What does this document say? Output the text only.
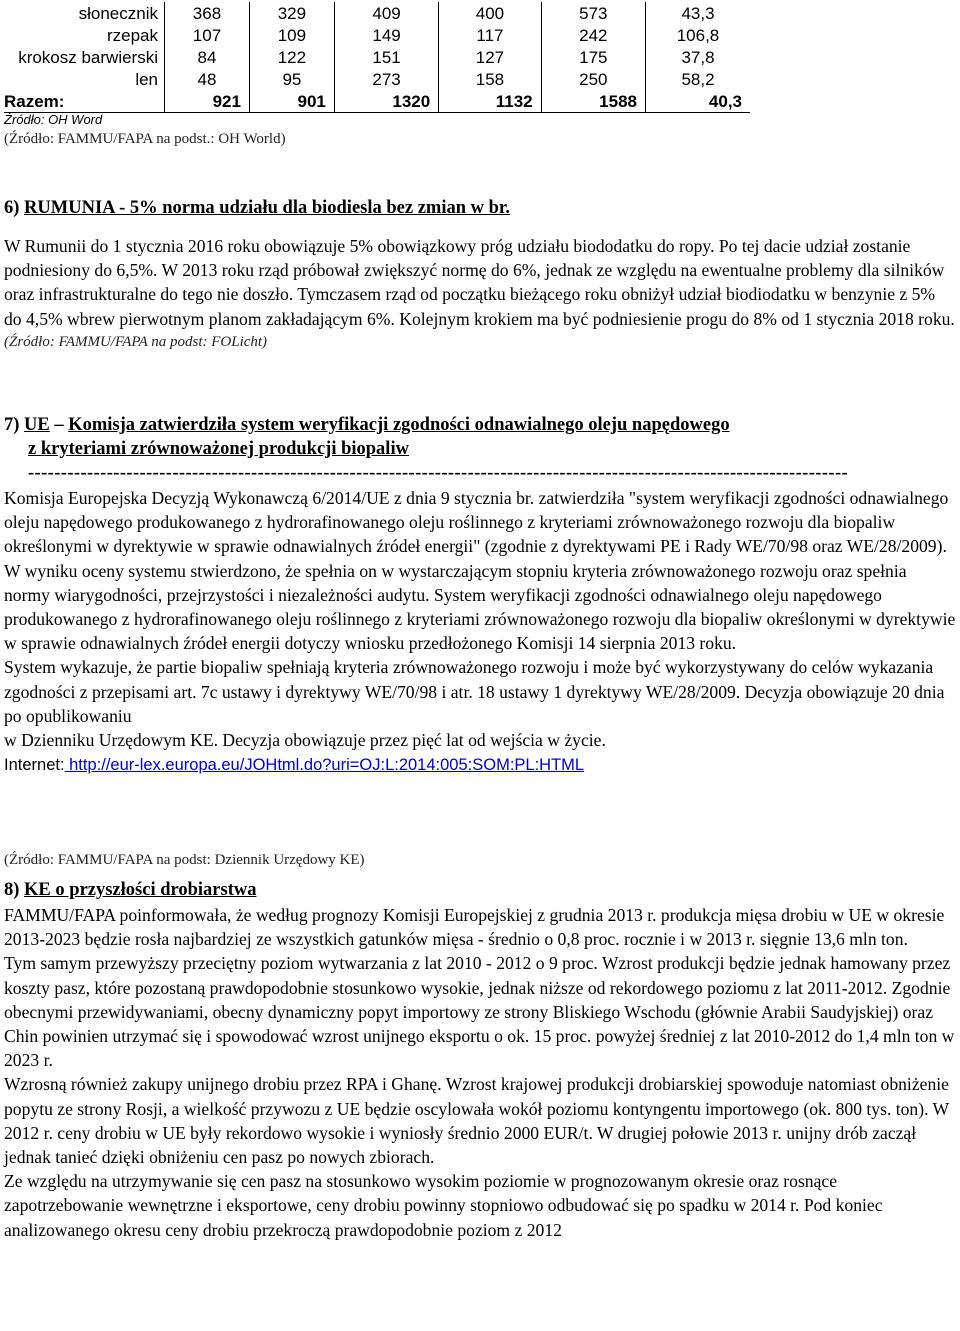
słonecznik	368	329	409	400	573	43,3
rzepak	107	109	149	117	242	106,8
krokosz barwierski	84	122	151	127	175	37,8
len	48	95	273	158	250	58,2
Razem:	921	901	1320	1132	1588	40,3
Źródło: OH Word
(Źródło: FAMMU/FAPA na podst.: OH World)

6) RUMUNIA - 5% norma udziału dla biodiesla bez zmian w br.

W Rumunii do 1 stycznia 2016 roku obowiązuje 5% obowiązkowy próg udziału biododatku do ropy. Po tej dacie udział zostanie podniesiony do 6,5%. W 2013 roku rząd próbował zwiększyć normę do 6%, jednak ze względu na ewentualne problemy dla silników oraz infrastrukturalne do tego nie doszło. Tymczasem rząd od początku bieżącego roku obniżył udział biodiodatku w benzynie z 5% do 4,5% wbrew pierwotnym planom zakładającym 6%. Kolejnym krokiem ma być podniesienie progu do 8% od 1 stycznia 2018 roku.

(Źródło: FAMMU/FAPA na podst: FOLicht)

7) UE – Komisja zatwierdziła system weryfikacji zgodności odnawialnego oleju napędowego

z kryteriami zrównoważonej produkcji biopaliw

-----------------------------------------------------------------------------------------------------------------------------

Komisja Europejska Decyzją Wykonawczą 6/2014/UE z dnia 9 stycznia br. zatwierdziła "system weryfikacji zgodności odnawialnego oleju napędowego produkowanego z hydrorafinowanego oleju roślinnego z kryteriami zrównoważonego rozwoju dla biopaliw określonymi w dyrektywie w sprawie odnawialnych źródeł energii" (zgodnie z dyrektywami PE i Rady WE/70/98 oraz WE/28/2009).

W wyniku oceny systemu stwierdzono, że spełnia on w wystarczającym stopniu kryteria zrównoważonego rozwoju oraz spełnia normy wiarygodności, przejrzystości i niezależności audytu. System weryfikacji zgodności odnawialnego oleju napędowego produkowanego z hydrorafinowanego oleju roślinnego z kryteriami zrównoważonego rozwoju dla biopaliw określonymi w dyrektywie

w sprawie odnawialnych źródeł energii dotyczy wniosku przedłożonego Komisji 14 sierpnia 2013 roku.

System wykazuje, że partie biopaliw spełniają kryteria zrównoważonego rozwoju i może być wykorzystywany do celów wykazania zgodności z przepisami art. 7c ustawy i dyrektywy WE/70/98 i atr. 18 ustawy 1 dyrektywy WE/28/2009. Decyzja obowiązuje 20 dnia po opublikowaniu

w Dzienniku Urzędowym KE. Decyzja obowiązuje przez pięć lat od wejścia w życie.

Internet: http://eur-lex.europa.eu/JOHtml.do?uri=OJ:L:2014:005:SOM:PL:HTML

(Źródło: FAMMU/FAPA na podst: Dziennik Urzędowy KE)

8) KE o przyszłości drobiarstwa

FAMMU/FAPA poinformowała, że według prognozy Komisji Europejskiej z grudnia 2013 r. produkcja mięsa drobiu w UE w okresie 2013-2023 będzie rosła najbardziej ze wszystkich gatunków mięsa - średnio o 0,8 proc. rocznie i w 2013 r. sięgnie 13,6 mln ton.

Tym samym przewyższy przeciętny poziom wytwarzania z lat 2010 - 2012 o 9 proc. Wzrost produkcji będzie jednak hamowany przez koszty pasz, które pozostaną prawdopodobnie stosunkowo wysokie, jednak niższe od rekordowego poziomu z lat 2011-2012. Zgodnie obecnymi przewidywaniami, obecny dynamiczny popyt importowy ze strony Bliskiego Wschodu (głównie Arabii Saudyjskiej) oraz Chin powinien utrzymać się i spowodować wzrost unijnego eksportu o ok. 15 proc. powyżej średniej z lat 2010-2012 do 1,4 mln ton w 2023 r.

Wzrosną również zakupy unijnego drobiu przez RPA i Ghanę. Wzrost krajowej produkcji drobiarskiej spowoduje natomiast obniżenie popytu ze strony Rosji, a wielkość przywozu z UE będzie oscylowała wokół poziomu kontyngentu importowego (ok. 800 tys. ton). W 2012 r. ceny drobiu w UE były rekordowo wysokie i wyniosły średnio 2000 EUR/t. W drugiej połowie 2013 r. unijny drób zaczął jednak tanieć dzięki obniżeniu cen pasz po nowych zbiorach.

Ze względu na utrzymywanie się cen pasz na stosunkowo wysokim poziomie w prognozowanym okresie oraz rosnące zapotrzebowanie wewnętrzne i eksportowe, ceny drobiu powinny stopniowo odbudować się po spadku w 2014 r. Pod koniec analizowanego okresu ceny drobiu przekroczą prawdopodobnie poziom z 2012
